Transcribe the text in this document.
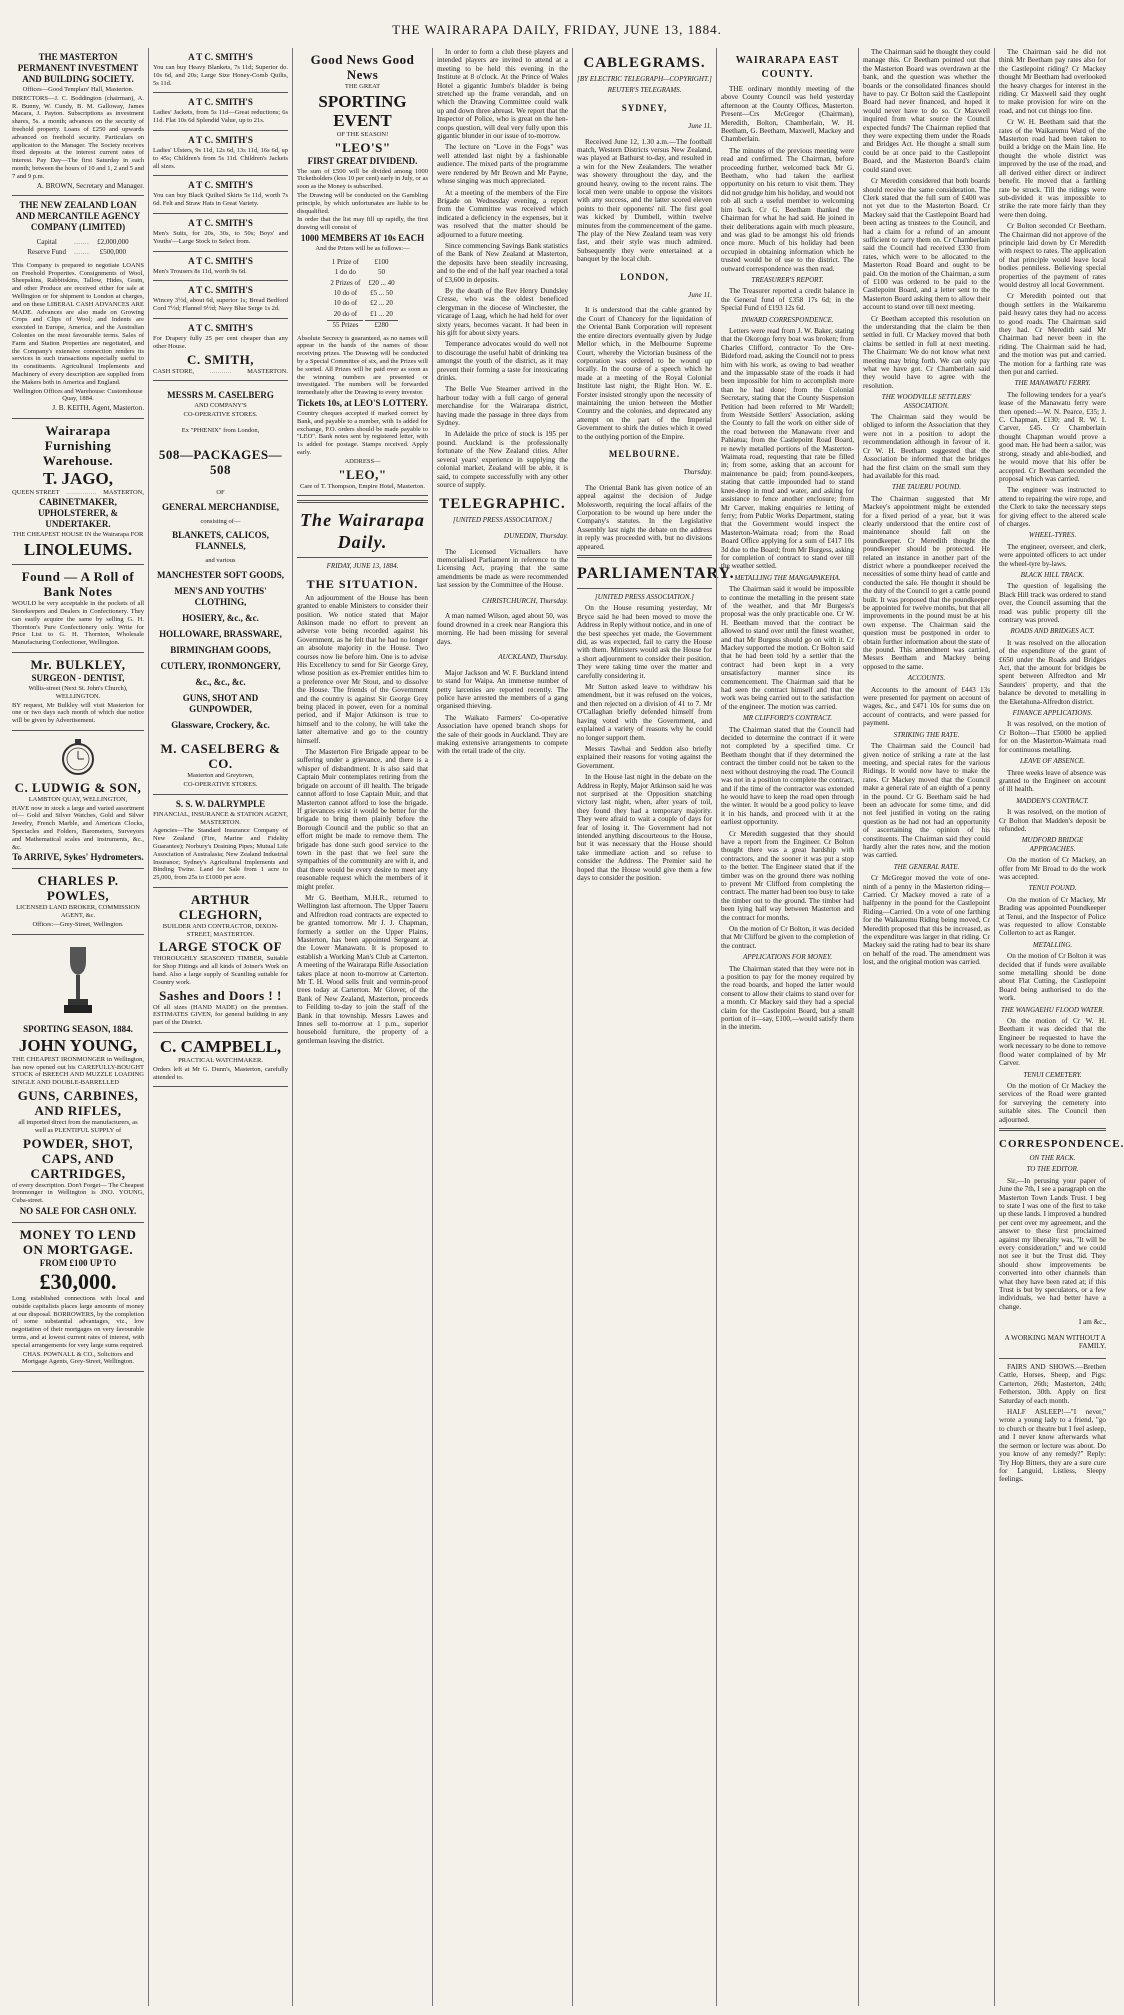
THE WAIRARAPA DAILY, FRIDAY, JUNE 13, 1884.

THE MASTERTON PERMANENT INVESTMENT AND BUILDING SOCIETY.

Offices—Good Templars' Hall, Masterton.

DIRECTORS—J. C. Boddington (chairman), A. R. Bunny, W. Cundy, B. M. Galloway, James Macara, J. Payton. Subscriptions as investment shares, 5s. a month; advances on the security of freehold property. Loans of £250 and upwards advanced on freehold security. Particulars on application to the Manager. The Society receives fixed deposits at the interest current rates of interest. Pay Day—The first Saturday in each month; between the hours of 10 and 1, 2 and 5 and 7 and 9 p.m.

A. BROWN, Secretary and Manager.

THE NEW ZEALAND LOAN AND MERCANTILE AGENCY COMPANY (LIMITED)

Capital	.......	£2,000,000
Reserve Fund	.......	£500,000

This Company is prepared to negotiate LOANS on Freehold Properties. Consignments of Wool, Sheepskins, Rabbitskins, Tallow, Hides, Grain, and other Produce are received either for sale at Wellington or for shipment to London at charges, and on these LIBERAL CASH ADVANCES ARE MADE. Advances are also made on Growing Crops and Clips of Wool; and Indents are executed in Europe, America, and the Australian Colonies on the most favourable terms. Sales of Farm and Station Properties are negotiated, and the Company's extensive connection renders its services in such transactions especially useful to its constituents. Agricultural Implements and Machinery of every description are supplied from the Makers both in America and England.

Wellington Offices and Warehouse: Customhouse Quay, 1884.

J. B. KEITH, Agent, Masterton.

Wairarapa Furnishing Warehouse.

T. JAGO,

QUEEN STREET ............... MASTERTON,

CABINETMAKER, UPHOLSTERER, & UNDERTAKER.

THE CHEAPEST HOUSE IN the Wairarapa FOR

LINOLEUMS.

Found — A Roll of Bank Notes

WOULD be very acceptable in the pockets of all Storekeepers and Dealers in Confectionery. They can easily acquire the same by selling G. H. Thornton's Pure Confectionery only. Write for Price List to G. H. Thornton, Wholesale Manufacturing Confectioner, Wellington.

Mr. BULKLEY,

SURGEON - DENTIST,

Willis-street (Next St. John's Church), WELLINGTON.

BY request, Mr Bulkley will visit Masterton for one or two days each month of which due notice will be given by Advertisement.

C. LUDWIG & SON,

LAMBTON QUAY, WELLINGTON,

HAVE now in stock a large and varied assortment of— Gold and Silver Watches, Gold and Silver Jewelry, French Marble, and American Clocks, Spectacles and Folders, Barometers, Surveyors and Mathematical scales and instruments, &c., &c.

To ARRIVE, Sykes' Hydrometers.

CHARLES P. POWLES,

LICENSED LAND BROKER, COMMISSION AGENT, &c.

Offices:—Grey-Street, Wellington.

SPORTING SEASON, 1884.

JOHN YOUNG,

THE CHEAPEST IRONMONGER in Wellington, has now opened out his CAREFULLY-BOUGHT STOCK of BREECH AND MUZZLE LOADING SINGLE AND DOUBLE-BARRELLED

GUNS, CARBINES, AND RIFLES,

all imported direct from the manufacturers, as well as PLENTIFUL SUPPLY of

POWDER, SHOT, CAPS, AND CARTRIDGES,

of every description. Don't Forget— The Cheapest Ironmonger in Wellington is JNO. YOUNG, Cuba-street.

NO SALE FOR CASH ONLY.

MONEY TO LEND ON MORTGAGE.

FROM £100 UP TO

£30,000.

Long established connections with local and outside capitalists places large amounts of money at our disposal. BORROWERS, by the completion of some substantial advantages, viz., low negotiation of their mortgages on very favourable terms, and at lowest current rates of interest, with special arrangements for very large sums required.

CHAS. POWNALL & CO., Solicitors and Mortgage Agents, Grey-Street, Wellington.

A T C. SMITH'S

You can buy Heavy Blankets, 7s 11d; Superior do. 10s 6d, and 20s; Large Size Honey-Comb Quilts, 5s 11d.

A T C. SMITH'S

Ladies' Jackets, from 5s 11d—Great reductions; 6s 11d. Flat 10s 6d Splendid Value, up to 21s.

A T C. SMITH'S

Ladies' Ulsters, 9s 11d, 12s 6d, 13s 11d, 16s 6d, up to 45s; Children's from 5s 11d. Children's Jackets all sizes.

A T C. SMITH'S

You can buy Black Quilted Skirts 5s 11d, worth 7s 6d. Felt and Straw Hats in Great Variety.

A T C. SMITH'S

Men's Suits, for 20s, 30s, to 50s; Boys' and Youths'—Large Stock to Select from.

A T C. SMITH'S

Men's Trousers 8s 11d, worth 9s 6d.

A T C. SMITH'S

Wincey 3½d, about 6d, superior 1s; Bread Bedford Cord 7½d; Flannel 9½d; Navy Blue Serge 1s 2d.

A T C. SMITH'S

For Drapery fully 25 per cent cheaper than any other House.

C. SMITH,

CASH STORE, ........... MASTERTON.

MESSRS M. CASELBERG

AND COMPANY'S

CO-OPERATIVE STORES.

Ex "PHŒNIX" from London,

508—PACKAGES—508

OF

GENERAL MERCHANDISE,

consisting of—

BLANKETS, CALICOS, FLANNELS,

and various

MANCHESTER SOFT GOODS,

MEN'S AND YOUTHS' CLOTHING,

HOSIERY, &c., &c.

HOLLOWARE, BRASSWARE,

BIRMINGHAM GOODS,

CUTLERY, IRONMONGERY,

&c., &c., &c.

GUNS, SHOT AND GUNPOWDER,

Glassware, Crockery, &c.

M. CASELBERG & CO.

Masterton and Greytown,

CO-OPERATIVE STORES.

S. S. W. DALRYMPLE

FINANCIAL, INSURANCE & STATION AGENT, MASTERTON.

Agencies—The Standard Insurance Company of New Zealand (Fire, Marine and Fidelity Guarantee); Norbury's Draining Pipes; Mutual Life Association of Australasia; New Zealand Industrial Insurance; Sydney's Agricultural Implements and Binding Twine. Land for Sale from 1 acre to 25,000, from 25s to £1000 per acre.

ARTHUR CLEGHORN,

BUILDER AND CONTRACTOR, DIXON-STREET, MASTERTON.

LARGE STOCK OF

THOROUGHLY SEASONED TIMBER, Suitable for Shop Fittings and all kinds of Joiner's Work on hand. Also a large supply of Scantling suitable for Country work.

Sashes and Doors ! !

Of all sizes (HAND MADE) on the premises. ESTIMATES GIVEN, for general building in any part of the District.

C. CAMPBELL,

PRACTICAL WATCHMAKER.

Orders left at Mr G. Dunn's, Masterton, carefully attended to.

Good News Good News

THE GREAT

SPORTING EVENT

OF THE SEASON!

"LEO'S"

FIRST GREAT DIVIDEND.

The sum of £500 will be divided among 1000 Ticketholders (less 10 per cent) early in July, or as soon as the Money is subscribed.

The Drawing will be conducted on the Gambling principle, by which unfortunates are liable to be disqualified.

In order that the list may fill up rapidly, the first drawing will consist of

1000 MEMBERS AT 10s EACH

And the Prizes will be as follows:—

1 Prize of	£100
1 do do	50
2 Prizes of	£20 ... 40
10 do of	£5 ... 50
10 do of	£2 ... 20
20 do of	£1 ... 20
55 Prizes	£280

Absolute Secrecy is guaranteed, as no names will appear in the hands of the names of those receiving prizes. The Drawing will be conducted by a Special Committee of six, and the Prizes will be sorted. All Prizes will be paid over as soon as the winning numbers are presented or investigated. The numbers will be forwarded immediately after the Drawing to every investor.

Tickets 10s, at LEO'S LOTTERY.

Country cheques accepted if marked correct by Bank, and payable to a number, with 1s added for exchange, P.O. orders should be made payable to "LEO". Bank notes sent by registered letter, with 1s added for postage. Stamps received. Apply early.

ADDRESS—

"LEO,"

Care of T. Thompson, Empire Hotel, Masterton.

The Wairarapa Daily.

FRIDAY, JUNE 13, 1884.

THE SITUATION.

An adjournment of the House has been granted to enable Ministers to consider their position. We notice stated that Major Atkinson made no effort to prevent an adverse vote being recorded against his Government, as he felt that he had no longer an absolute majority in the House. Two courses now lie before him. One is to advise His Excellency to send for Sir George Grey, whose position as ex-Premier entitles him to a preference over Mr Stout, and to dissolve the House. The friends of the Government and the country is against Sir George Grey being placed in power, even for a nominal period, and if Major Atkinson is true to himself and to the colony, he will take the latter alternative and go to the country himself.

The Masterton Fire Brigade appear to be suffering under a grievance, and there is a whisper of disbandment. It is also said that Captain Muir contemplates retiring from the brigade on account of ill health. The brigade cannot afford to lose Captain Muir, and that Masterton cannot afford to lose the brigade. If grievances exist it would be better for the brigade to bring them plainly before the Borough Council and the public so that an effort might be made to remove them. The brigade has done such good service to the town in the past that we feel sure the sympathies of the community are with it, and that there would be every desire to meet any reasonable request which the members of it might prefer.

Mr G. Beetham, M.H.R., returned to Wellington last afternoon. The Upper Taueru and Alfredton road contracts are expected to be granted tomorrow. Mr J. J. Chapman, formerly a settler on the Upper Plains, Masterton, has been appointed Sergeant at the Lower Manawatu. It is proposed to establish a Working Man's Club at Carterton. A meeting of the Wairarapa Rifle Association takes place at noon to-morrow at Carterton. Mr T. H. Wood sells fruit and vermin-proof trees today at Carterton. Mr Glover, of the Bank of New Zealand, Masterton, proceeds to Feilding to-day to join the staff of the Bank in that township. Messrs Lawes and Innes sell to-morrow at 1 p.m., superior household furniture, the property of a gentleman leaving the district.

In order to form a club these players and intended players are invited to attend at a meeting to be held this evening in the Institute at 8 o'clock. At the Prince of Wales Hotel a gigantic Jumbo's bladder is being stretched up the frame verandah, and on which the Drawing Committee could walk up and down three abreast. We report that the Inspector of Police, who is great on the hen-coops question, will deal very fully upon this gigantic blunder in our issue of to-morrow.

The lecture on "Love in the Fogs" was well attended last night by a fashionable audience. The mixed parts of the programme were rendered by Mr Brown and Mr Payne, whose singing was much appreciated.

At a meeting of the members of the Fire Brigade on Wednesday evening, a report from the Committee was received which indicated a deficiency in the expenses, but it was resolved that the matter should be adjourned to a future meeting.

Since commencing Savings Bank statistics of the Bank of New Zealand at Masterton, the deposits have been steadily increasing, and to the end of the half year reached a total of £3,600 in deposits.

By the death of the Rev Henry Dundsley Cresse, who was the oldest beneficed clergyman in the diocese of Winchester, the vicarage of Laag, which he had held for over sixty years, becomes vacant. It had been in his gift for about sixty years.

Temperance advocates would do well not to discourage the useful habit of drinking tea amongst the youth of the district, as it may prevent their forming a taste for intoxicating drinks.

The Belle Vue Steamer arrived in the harbour today with a full cargo of general merchandise for the Wairarapa district, having made the passage in three days from Sydney.

In Adelaide the price of stock is 195 per pound. Auckland is the professionally fortunate of the New Zealand cities. After several years' experience in supplying the colonial market, Zealand will be able, it is said, to compete successfully with any other source of supply.

TELEGRAPHIC.

[UNITED PRESS ASSOCIATION.]

DUNEDIN, Thursday.

The Licensed Victuallers have memorialised Parliament in reference to the Licensing Act, praying that the same amendments be made as were recommended last session by the Committee of the House.

CHRISTCHURCH, Thursday.

A man named Wilson, aged about 50, was found drowned in a creek near Rangiora this morning. He had been missing for several days.

AUCKLAND, Thursday.

Major Jackson and W. F. Buckland intend to stand for Waipa. An immense number of petty larcenies are reported recently. The police have arrested the members of a gang organised thieving.

The Waikato Farmers' Co-operative Association have opened branch shops for the sale of their goods in Auckland. They are making extensive arrangements to compete with the retail trade of the city.

CABLEGRAMS.

[BY ELECTRIC TELEGRAPH—COPYRIGHT.]

REUTER'S TELEGRAMS.

SYDNEY,

June 11.

Received June 12, 1.30 a.m.—The football match, Western Districts versus New Zealand, was played at Bathurst to-day, and resulted in a win for the New Zealanders. The weather was showery throughout the day, and the ground heavy, owing to the recent rains. The local men were unable to oppose the visitors with any success, and the latter scored eleven points to their opponents' nil. The first goal was kicked by Dumbell, within twelve minutes from the commencement of the game. The play of the New Zealand team was very fast, and their style was much admired. Subsequently they were entertained at a banquet by the local club.

LONDON,

June 11.

It is understood that the cable granted by the Court of Chancery for the liquidation of the Oriental Bank Corporation will represent the entire directors eventually given by Judge Mellor which, in the Melbourne Supreme Court, whereby the Victorian business of the corporation was ordered to be wound up locally. In the course of a speech which he made at a meeting of the Royal Colonial Institute last night, the Right Hon. W. E. Forster insisted strongly upon the necessity of maintaining the union between the Mother Country and the colonies, and deprecated any attempt on the part of the Imperial Government to shirk the duties which it owed to the outlying portion of the Empire.

MELBOURNE.

Thursday.

The Oriental Bank has given notice of an appeal against the decision of Judge Molesworth, requiring the local affairs of the Corporation to be wound up here under the Company's statutes. In the Legislative Assembly last night the debate on the address in reply was proceeded with, but no divisions appeared.

PARLIAMENTARY.

[UNITED PRESS ASSOCIATION.]

On the House resuming yesterday, Mr Bryce said he had been moved to move the Address in Reply without notice, and in one of the best speeches yet made, the Government did, as was expected, fail to carry the House with them. Ministers would ask the House for a short adjournment to consider their position. They were taking time over the matter and carefully considering it.

Mr Sutton asked leave to withdraw his amendment, but it was refused on the voices, and then rejected on a division of 41 to 7. Mr O'Callaghan briefly defended himself from having voted with the Government, and explained a variety of reasons why he could no longer support them.

Messrs Tawhai and Seddon also briefly explained their reasons for voting against the Government.

In the House last night in the debate on the Address in Reply, Major Atkinson said he was not surprised at the Opposition snatching victory last night, when, after years of toil, they found they had a temporary majority. They were afraid to wait a couple of days for fear of losing it. The Government had not intended anything discourteous to the House, but it was necessary that the House should take immediate action and so refuse to consider the Address. The Premier said he hoped that the House would give them a few days to consider the position.

WAIRARAPA EAST COUNTY.

THE ordinary monthly meeting of the above County Council was held yesterday afternoon at the County Offices, Masterton. Present—Crs McGregor (Chairman), Meredith, Bolton, Chamberlain, W. H. Beetham, G. Beetham, Maxwell, Mackey and Chamberlain.

The minutes of the previous meeting were read and confirmed. The Chairman, before proceeding further, welcomed back Mr G. Beetham, who had taken the earliest opportunity on his return to visit them. They did not grudge him his holiday, and would not rob all such a useful member to welcoming him back. Cr G. Beetham thanked the Chairman for what he had said. He joined in their deliberations again with much pleasure, and was glad to be amongst his old friends once more. Much of his holiday had been occupied in obtaining information which he trusted would be of use to the district. The outward correspondence was then read.

TREASURER'S REPORT.

The Treasurer reported a credit balance in the General fund of £358 17s 6d; in the Special Fund of £193 12s 6d.

INWARD CORRESPONDENCE.

Letters were read from J. W. Baker, stating that the Okorogo ferry boat was broken; from Charles Clifford, contractor To the Ore-Bideford road, asking the Council not to press him with his work, as owing to bad weather and the impassable state of the roads it had been impossible for him to accomplish more than he had done; from the Colonial Secretary, stating that the County Suspension Petition had been referred to Mr Wardell; from Westside Settlers' Association, asking the County to fall the work on either side of the road between the Manawatu river and Pahiatua; from the Castlepoint Road Board, re newly metalled portions of the Masterton-Waimata road, requesting that rate be filled in; from some, asking that an account for maintenance be paid; from pound-keepers, stating that cattle impounded had to stand knee-deep in mud and water, and asking for assistance to fence another enclosure; from Mr Carver, making enquiries re letting of ferry; from Public Works Department, stating that the Government would inspect the Masterton-Waimata road; from the Road Board Office applying for a sum of £417 10s 3d due to the Board; from Mr Burgess, asking for completion of contract to stand over till the weather settled.

METALLING THE MANGAPAKEHA.

The Chairman said it would be impossible to continue the metalling in the present state of the weather, and that Mr Burgess's proposal was the only practicable one. Cr W. H. Beetham moved that the contract be allowed to stand over until the finest weather, and that Mr Burgess should go on with it. Cr Mackey supported the motion. Cr Bolton said that he had been told by a settler that the contract had been kept in a very unsatisfactory manner since its commencement. The Chairman said that he had seen the contract himself and that the work was being carried out to the satisfaction of the engineer. The motion was carried.

MR CLIFFORD'S CONTRACT.

The Chairman stated that the Council had decided to determine the contract if it were not completed by a specified time. Cr Beetham thought that if they determined the contract the timber could not be taken to the next without destroying the road. The Council was not in a position to complete the contract, and if the time of the contractor was extended he would have to keep the road open through the winter. It would be a good policy to leave it in his hands, and proceed with it at the earliest opportunity.

Cr Meredith suggested that they should have a report from the Engineer. Cr Bolton thought there was a great hardship with contractors, and the sooner it was put a stop to the better. The Engineer stated that if the timber was on the ground there was nothing to prevent Mr Clifford from completing the contract. The matter had been too busy to take the timber out to the ground. The timber had been lying half way between Masterton and the contract for months.

On the motion of Cr Bolton, it was decided that Mr Clifford be given to the completion of the contract.

APPLICATIONS FOR MONEY.

The Chairman stated that they were not in a position to pay for the money required by the road boards, and hoped the latter would consent to allow their claims to stand over for a month. Cr Mackey said they had a special claim for the Castlepoint Board, but a small portion of it—say, £100,—would satisfy them in the interim.

The Chairman said he thought they could manage this. Cr Beetham pointed out that the Masterton Board was overdrawn at the bank, and the question was whether the boards or the consolidated finances should have to pay. Cr Bolton said the Castlepoint Board had never financed, and hoped it would never have to do so. Cr Maxwell inquired from what source the Council expected funds? The Chairman replied that they were expecting them under the Roads and Bridges Act. He thought a small sum could be at once paid to the Castlepoint Board, and the Masterton Board's claim could stand over.

Cr Meredith considered that both boards should receive the same consideration. The Clerk stated that the full sum of £400 was not yet due to the Masterton Board. Cr Mackey said that the Castlepoint Board had been acting as trustees to the Council, and had a claim for a refund of an amount sufficient to carry them on. Cr Chamberlain said the Council had received £330 from rates, which were to be allocated to the Masterton Road Board and ought to be paid. On the motion of the Chairman, a sum of £100 was ordered to be paid to the Castlepoint Board, and a letter sent to the Masterton Board asking them to allow their account to stand over till next meeting.

Cr Beetham accepted this resolution on the understanding that the claim be then settled in full. Cr Mackey moved that both claims be settled in full at next meeting. The Chairman: We do not know what next meeting may bring forth. We can only pay what we have got. Cr Chamberlain said they would have to agree with the resolution.

THE WOODVILLE SETTLERS' ASSOCIATION.

The Chairman said they would be obliged to inform the Association that they were not in a position to adopt the recommendation although in favour of it. Cr W. H. Beetham suggested that the Association be informed that the bridges had the first claim on the small sum they had available for this road.

THE TAUERU POUND.

The Chairman suggested that Mr Mackey's appointment might be extended for a fixed period of a year, but it was clearly understood that the entire cost of maintenance should fall on the poundkeeper. Cr Meredith thought the poundkeeper should be protected. He related an instance in another part of the district where a poundkeeper received the necessities of some thirty head of cattle and conducted the sale. He thought it should be the duty of the Council to get a cattle pound built. It was proposed that the poundkeeper be appointed for twelve months, but that all improvements in the pound must be at his own expense. The Chairman said the question must be postponed in order to obtain further information about the state of the pound. This amendment was carried, Messrs Beetham and Mackey being opposed to the same.

ACCOUNTS.

Accounts to the amount of £443 13s were presented for payment on account of wages, &c., and £471 10s for sums due on account of contracts, and were passed for payment.

STRIKING THE RATE.

The Chairman said the Council had given notice of striking a rate at the last meeting, and special rates for the various Ridings. It would now have to make the rates. Cr Mackey moved that the Council make a general rate of an eighth of a penny in the pound. Cr G. Beetham said he had been an advocate for some time, and did not feel justified in voting on the rating question as he had not had an opportunity of ascertaining the opinion of his constituents. The Chairman said they could hardly alter the rates now, and the motion was carried.

THE GENERAL RATE.

Cr McGregor moved the vote of one-ninth of a penny in the Masterton riding—Carried. Cr Mackey moved a rate of a halfpenny in the pound for the Castlepoint Riding—Carried. On a vote of one farthing for the Waikaremu Riding being moved, Cr Meredith proposed that this be increased, as the expenditure was larger in that riding. Cr Mackey said the rating had to bear its share on behalf of the road. The amendment was lost, and the original motion was carried.

The Chairman said he did not think Mr Beetham pay rates also for the Castlepoint riding? Cr Mackey thought Mr Beetham had overlooked the heavy charges for interest in the riding. Cr Maxwell said they ought to make provision for wire on the road, and not cut things too fine.

Cr W. H. Beetham said that the rates of the Waikaremu Ward of the Masterton road had been taken to build a bridge on the Main line. He thought the whole district was improved by the use of the road, and all derived either direct or indirect benefit. He moved that a farthing rate be struck. Till the ridings were sub-divided it was impossible to strike the rate more fairly than they were then doing.

Cr Bolton seconded Cr Beetham. The Chairman did not approve of the principle laid down by Cr Meredith with respect to rates. The application of that principle would leave local bodies penniless. Believing special properties of the payment of rates would destroy all local Government.

Cr Meredith pointed out that though settlers in the Waikaremu paid heavy rates they had no access to good roads. The Chairman said they had. Cr Meredith said Mr Chairman had never been in the riding. The Chairman said he had, and the motion was put and carried. The motion for a farthing rate was then put and carried.

THE MANAWATU FERRY.

The following tenders for a year's lease of the Manawatu ferry were then opened:—W. N. Pearce, £35; J. C. Chapman, £130; and R. W. I. Carver, £45. Cr Chamberlain thought Chapman would prove a good man. He had been a sailor, was strong, steady and able-bodied, and he would move that his offer be accepted. Cr Beetham seconded the proposal which was carried.

The engineer was instructed to attend to repairing the wire rope, and the Clerk to take the necessary steps for giving effect to the altered scale of charges.

WHEEL-TYRES.

The engineer, overseer, and clerk, were appointed officers to act under the wheel-tyre by-laws.

BLACK HILL TRACK.

The question of legalising the Black Hill track was ordered to stand over, the Council assuming that the road was public property till the contrary was proved.

ROADS AND BRIDGES ACT.

It was resolved on the allocation of the expenditure of the grant of £650 under the Roads and Bridges Act, that the amount for bridges be spent between Alfredton and Mr Saunders' property, and that the balance be devoted to metalling in the Eketahuna-Alfredton district.

FINANCE APPLICATIONS.

It was resolved, on the motion of Cr Bolton—That £5000 be applied for on the Masterton-Waimata road for continuous metalling.

LEAVE OF ABSENCE.

Three weeks leave of absence was granted to the Engineer on account of ill health.

MADDEN'S CONTRACT.

It was resolved, on the motion of Cr Bolton that Madden's deposit be refunded.

MUDFORD BRIDGE APPROACHES.

On the motion of Cr Mackey, an offer from Mr Broad to do the work was accepted.

TENUI POUND.

On the motion of Cr Mackey, Mr Brading was appointed Poundkeeper at Tenui, and the Inspector of Police was requested to allow Constable Collerton to act as Ranger.

METALLING.

On the motion of Cr Bolton it was decided that if funds were available some metalling should be done about Flat Cutting, the Castlepoint Board being authorised to do the work.

THE WANGAEHU FLOOD WATER.

On the motion of Cr W. H. Beetham it was decided that the Engineer be requested to have the work necessary to be done to remove flood water complained of by Mr Carver.

TENUI CEMETERY.

On the motion of Cr Mackey the services of the Road were granted for surveying the cemetery into suitable sites. The Council then adjourned.

CORRESPONDENCE.

ON THE RACK.

TO THE EDITOR.

Sir,—In perusing your paper of June the 7th, I see a paragraph on the Masterton Town Lands Trust. I beg to state I was one of the first to take up these lands. I improved a hundred per cent over my agreement, and the answer to these first proclaimed against my liberality was, "It will be every consideration," and we could not see it but the Trust did. They should show improvements be converted into other channels than what they have been rated at; if this Trust is but by speculators, or a few individuals, we had better have a change.

I am &c.,

A WORKING MAN WITHOUT A FAMILY.

FAIRS AND SHOWS.—Brethen Cattle, Horses, Sheep, and Pigs: Carterton, 26th; Masterton, 24th; Fetherston, 30th. Apply on first Saturday of each month.

HALF ASLEEP!—"I never," wrote a young lady to a friend, "go to church or theatre but I feel asleep, and I never know afterwards what the sermon or lecture was about. Do you know of any remedy?" Reply: Try Hop Bitters, they are a sure cure for Languid, Listless, Sleepy feelings.
